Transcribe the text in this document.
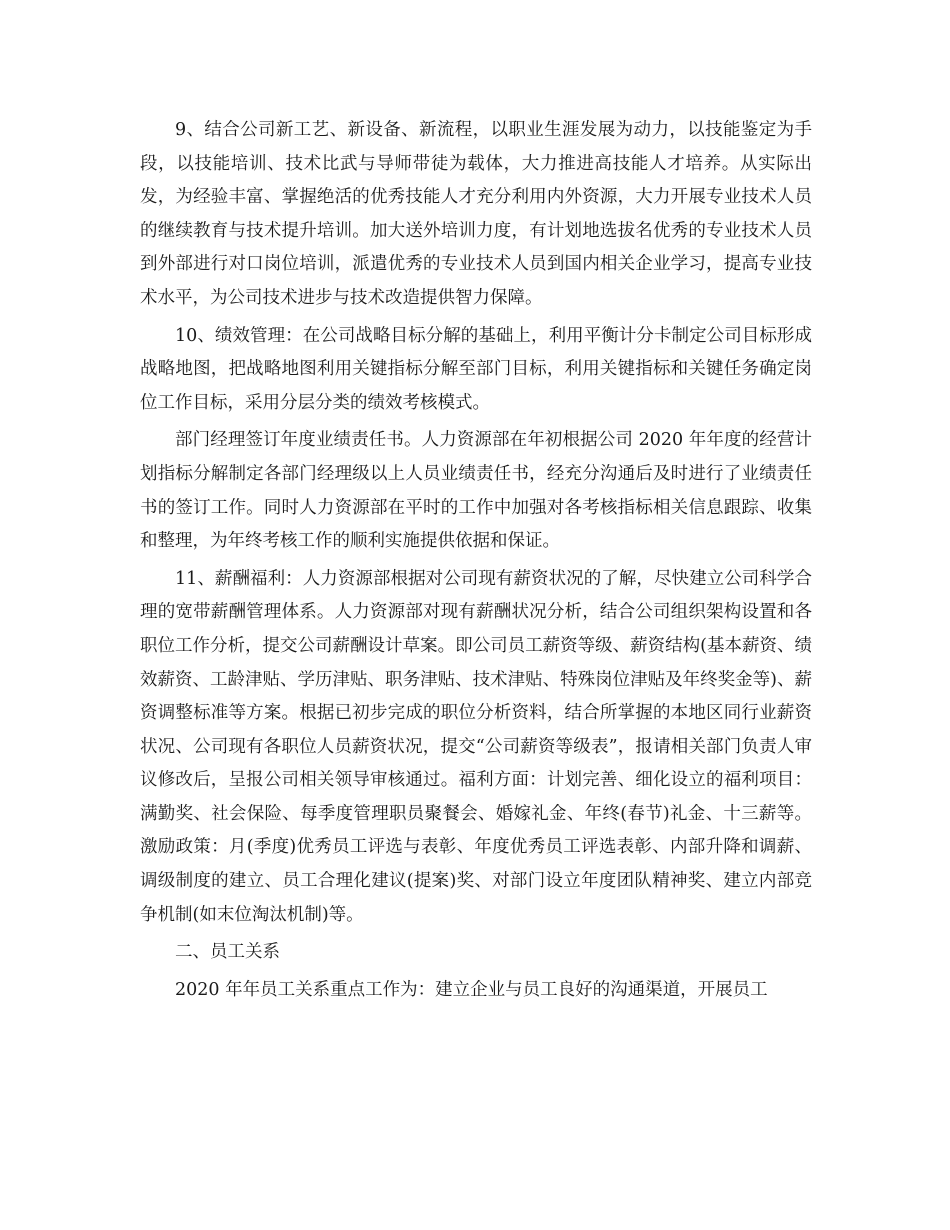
9、结合公司新工艺、新设备、新流程，以职业生涯发展为动力，以技能鉴定为手段，以技能培训、技术比武与导师带徒为载体，大力推进高技能人才培养。从实际出发，为经验丰富、掌握绝活的优秀技能人才充分利用内外资源，大力开展专业技术人员的继续教育与技术提升培训。加大送外培训力度，有计划地选拔名优秀的专业技术人员到外部进行对口岗位培训，派遣优秀的专业技术人员到国内相关企业学习，提高专业技术水平，为公司技术进步与技术改造提供智力保障。

10、绩效管理：在公司战略目标分解的基础上，利用平衡计分卡制定公司目标形成战略地图，把战略地图利用关键指标分解至部门目标，利用关键指标和关键任务确定岗位工作目标，采用分层分类的绩效考核模式。

部门经理签订年度业绩责任书。人力资源部在年初根据公司 2020 年年度的经营计划指标分解制定各部门经理级以上人员业绩责任书，经充分沟通后及时进行了业绩责任书的签订工作。同时人力资源部在平时的工作中加强对各考核指标相关信息跟踪、收集和整理，为年终考核工作的顺利实施提供依据和保证。

11、薪酬福利：人力资源部根据对公司现有薪资状况的了解，尽快建立公司科学合理的宽带薪酬管理体系。人力资源部对现有薪酬状况分析，结合公司组织架构设置和各职位工作分析，提交公司薪酬设计草案。即公司员工薪资等级、薪资结构(基本薪资、绩效薪资、工龄津贴、学历津贴、职务津贴、技术津贴、特殊岗位津贴及年终奖金等)、薪资调整标准等方案。根据已初步完成的职位分析资料，结合所掌握的本地区同行业薪资状况、公司现有各职位人员薪资状况，提交“公司薪资等级表”，报请相关部门负责人审议修改后，呈报公司相关领导审核通过。福利方面：计划完善、细化设立的福利项目：满勤奖、社会保险、每季度管理职员聚餐会、婚嫁礼金、年终(春节)礼金、十三薪等。激励政策：月(季度)优秀员工评选与表彰、年度优秀员工评选表彰、内部升降和调薪、调级制度的建立、员工合理化建议(提案)奖、对部门设立年度团队精神奖、建立内部竞争机制(如末位淘汰机制)等。

二、员工关系

2020 年年员工关系重点工作为：建立企业与员工良好的沟通渠道，开展员工
